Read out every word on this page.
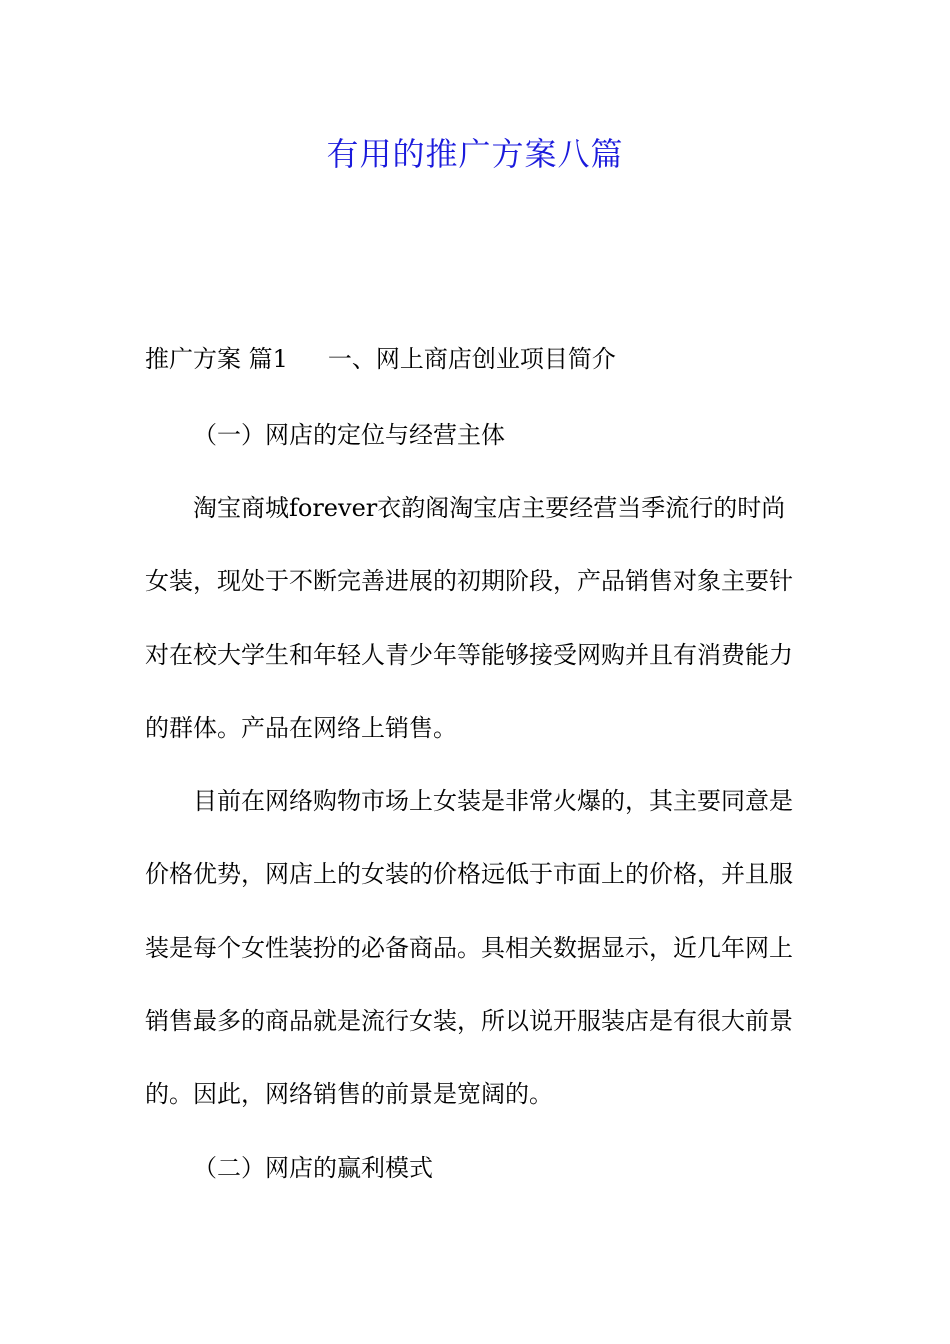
有用的推广方案八篇
推广方案 篇1 一、网上商店创业项目简介
（一）网店的定位与经营主体
淘宝商城forever衣韵阁淘宝店主要经营当季流行的时尚
女装，现处于不断完善进展的初期阶段，产品销售对象主要针
对在校大学生和年轻人青少年等能够接受网购并且有消费能力
的群体。产品在网络上销售。
目前在网络购物市场上女装是非常火爆的，其主要同意是
价格优势，网店上的女装的价格远低于市面上的价格，并且服
装是每个女性装扮的必备商品。具相关数据显示，近几年网上
销售最多的商品就是流行女装，所以说开服装店是有很大前景
的。因此，网络销售的前景是宽阔的。
（二）网店的赢利模式
